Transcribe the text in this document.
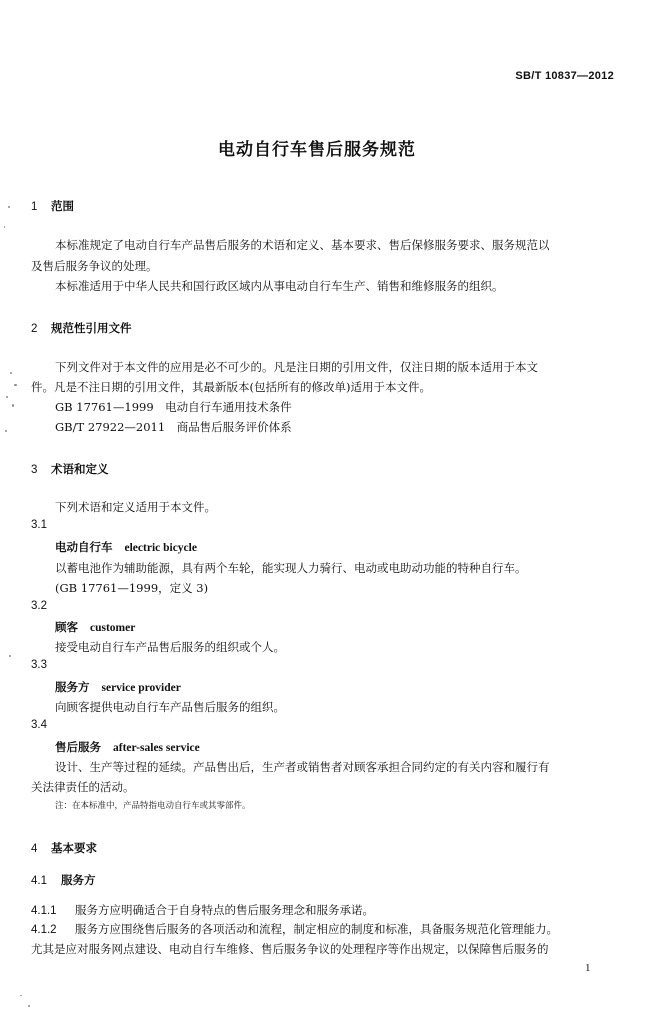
SB/T 10837—2012
电动自行车售后服务规范
1 范围
本标准规定了电动自行车产品售后服务的术语和定义、基本要求、售后保修服务要求、服务规范以
及售后服务争议的处理。
本标准适用于中华人民共和国行政区域内从事电动自行车生产、销售和维修服务的组织。
2 规范性引用文件
下列文件对于本文件的应用是必不可少的。凡是注日期的引用文件，仅注日期的版本适用于本文
件。凡是不注日期的引用文件，其最新版本(包括所有的修改单)适用于本文件。
GB 17761—1999　电动自行车通用技术条件
GB/T 27922—2011　商品售后服务评价体系
3 术语和定义
下列术语和定义适用于本文件。
3.1
电动自行车 electric bicycle
以蓄电池作为辅助能源，具有两个车轮，能实现人力骑行、电动或电助动功能的特种自行车。
(GB 17761—1999，定义 3)
3.2
顾客 customer
接受电动自行车产品售后服务的组织或个人。
3.3
服务方 service provider
向顾客提供电动自行车产品售后服务的组织。
3.4
售后服务 after-sales service
设计、生产等过程的延续。产品售出后，生产者或销售者对顾客承担合同约定的有关内容和履行有
关法律责任的活动。
注：在本标准中，产品特指电动自行车或其零部件。
4 基本要求
4.1 服务方
4.1.1 服务方应明确适合于自身特点的售后服务理念和服务承诺。
4.1.2 服务方应围绕售后服务的各项活动和流程，制定相应的制度和标准，具备服务规范化管理能力。
尤其是应对服务网点建设、电动自行车维修、售后服务争议的处理程序等作出规定，以保障售后服务的
1
